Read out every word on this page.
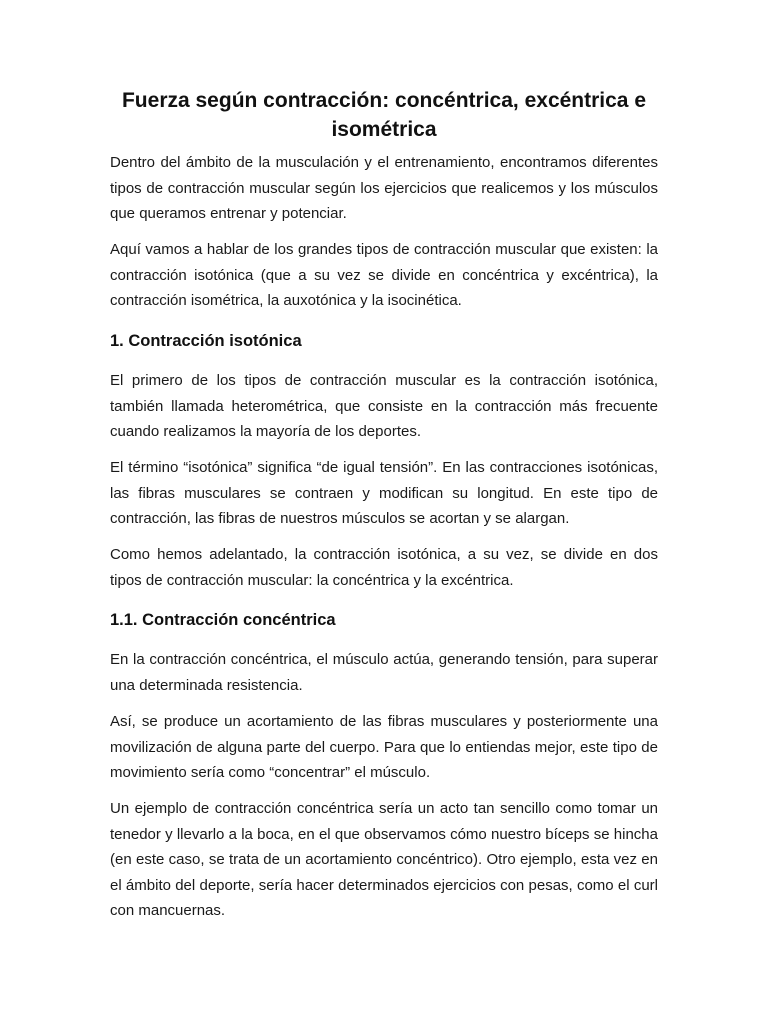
Fuerza según contracción: concéntrica, excéntrica e isométrica

Dentro del ámbito de la musculación y el entrenamiento, encontramos diferentes tipos de contracción muscular según los ejercicios que realicemos y los músculos que queramos entrenar y potenciar.

Aquí vamos a hablar de los grandes tipos de contracción muscular que existen: la contracción isotónica (que a su vez se divide en concéntrica y excéntrica), la contracción isométrica, la auxotónica y la isocinética.

1. Contracción isotónica

El primero de los tipos de contracción muscular es la contracción isotónica, también llamada heterométrica, que consiste en la contracción más frecuente cuando realizamos la mayoría de los deportes.

El término “isotónica” significa “de igual tensión”. En las contracciones isotónicas, las fibras musculares se contraen y modifican su longitud. En este tipo de contracción, las fibras de nuestros músculos se acortan y se alargan.

Como hemos adelantado, la contracción isotónica, a su vez, se divide en dos tipos de contracción muscular: la concéntrica y la excéntrica.

1.1. Contracción concéntrica

En la contracción concéntrica, el músculo actúa, generando tensión, para superar una determinada resistencia.

Así, se produce un acortamiento de las fibras musculares y posteriormente una movilización de alguna parte del cuerpo. Para que lo entiendas mejor, este tipo de movimiento sería como “concentrar” el músculo.

Un ejemplo de contracción concéntrica sería un acto tan sencillo como tomar un tenedor y llevarlo a la boca, en el que observamos cómo nuestro bíceps se hincha (en este caso, se trata de un acortamiento concéntrico). Otro ejemplo, esta vez en el ámbito del deporte, sería hacer determinados ejercicios con pesas, como el curl con mancuernas.
